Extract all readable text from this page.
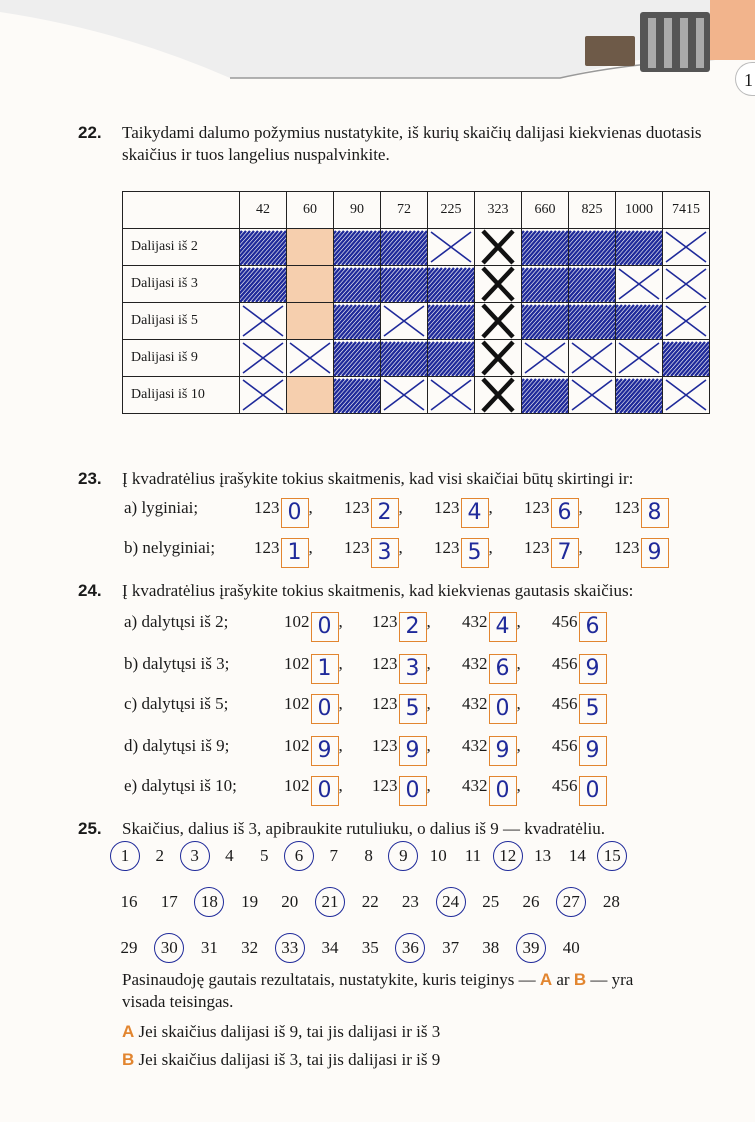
1
22. Taikydami dalumo požymius nustatykite, iš kurių skaičių dalijasi kiekvienas duotasis skaičius ir tuos langelius nuspalvinkite.
	42	60	90	72	225	323	660	825	1000	7415
Dalijasi iš 2	

Dalijasi iš 3	

Dalijasi iš 5	

Dalijasi iš 9	

Dalijasi iš 10	

23. Į kvadratėlius įrašykite tokius skaitmenis, kad visi skaičiai būtų skirtingi ir:
a) lyginiai;	123 0 , 123 2 , 123 4 , 123 6 , 123 8
b) nelyginiai; 123 1 , 123 3 , 123 5 , 123 7 , 123 9
24. Į kvadratėlius įrašykite tokius skaitmenis, kad kiekvienas gautasis skaičius:
a) dalytųsi iš 2;	102 0 , 123 2 , 432 4 , 456 6
b) dalytųsi iš 3;	102 1 , 123 3 , 432 6 , 456 9
c) dalytųsi iš 5;	102 0 , 123 5 , 432 0 , 456 5
d) dalytųsi iš 9;	102 9 , 123 9 , 432 9 , 456 9
e) dalytųsi iš 10;	102 0 , 123 0 , 432 0 , 456 0
25. Skaičius, dalius iš 3, apibraukite rutuliuku, o dalius iš 9 — kvadratėliu.
1	2	3	4	5	6	7	8	9	10 11 12 13 14 15
16 17 18 19 20 21 22 23 24 25 26 27 28
29 30 31 32 33 34 35 36 37 38 39 40
Pasinaudoję gautais rezultatais, nustatykite, kuris teiginys — A ar B — yra
visada teisingas.
A Jei skaičius dalijasi iš 9, tai jis dalijasi ir iš 3
B Jei skaičius dalijasi iš 3, tai jis dalijasi ir iš 9
